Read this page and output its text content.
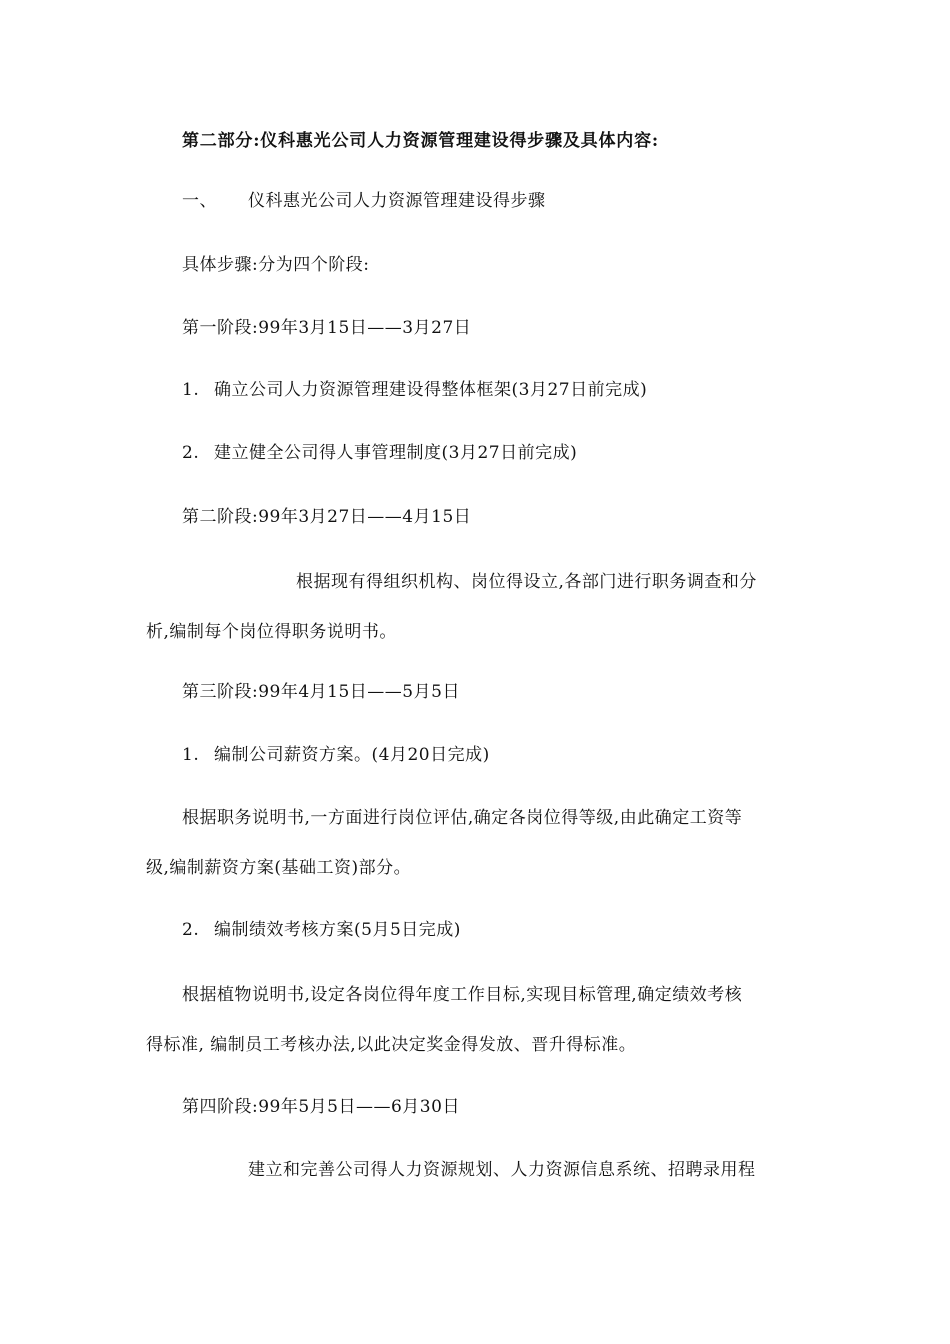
第二部分:仪科惠光公司人力资源管理建设得步骤及具体内容:
一、 仪科惠光公司人力资源管理建设得步骤
具体步骤:分为四个阶段:
第一阶段:99年3月15日——3月27日
1. 确立公司人力资源管理建设得整体框架(3月27日前完成)
2. 建立健全公司得人事管理制度(3月27日前完成)
第二阶段:99年3月27日——4月15日
根据现有得组织机构、岗位得设立,各部门进行职务调查和分
析,编制每个岗位得职务说明书。
第三阶段:99年4月15日——5月5日
1. 编制公司薪资方案。(4月20日完成)
根据职务说明书,一方面进行岗位评估,确定各岗位得等级,由此确定工资等
级,编制薪资方案(基础工资)部分。
2. 编制绩效考核方案(5月5日完成)
根据植物说明书,设定各岗位得年度工作目标,实现目标管理,确定绩效考核
得标准, 编制员工考核办法,以此决定奖金得发放、晋升得标准。
第四阶段:99年5月5日——6月30日
建立和完善公司得人力资源规划、人力资源信息系统、招聘录用程
